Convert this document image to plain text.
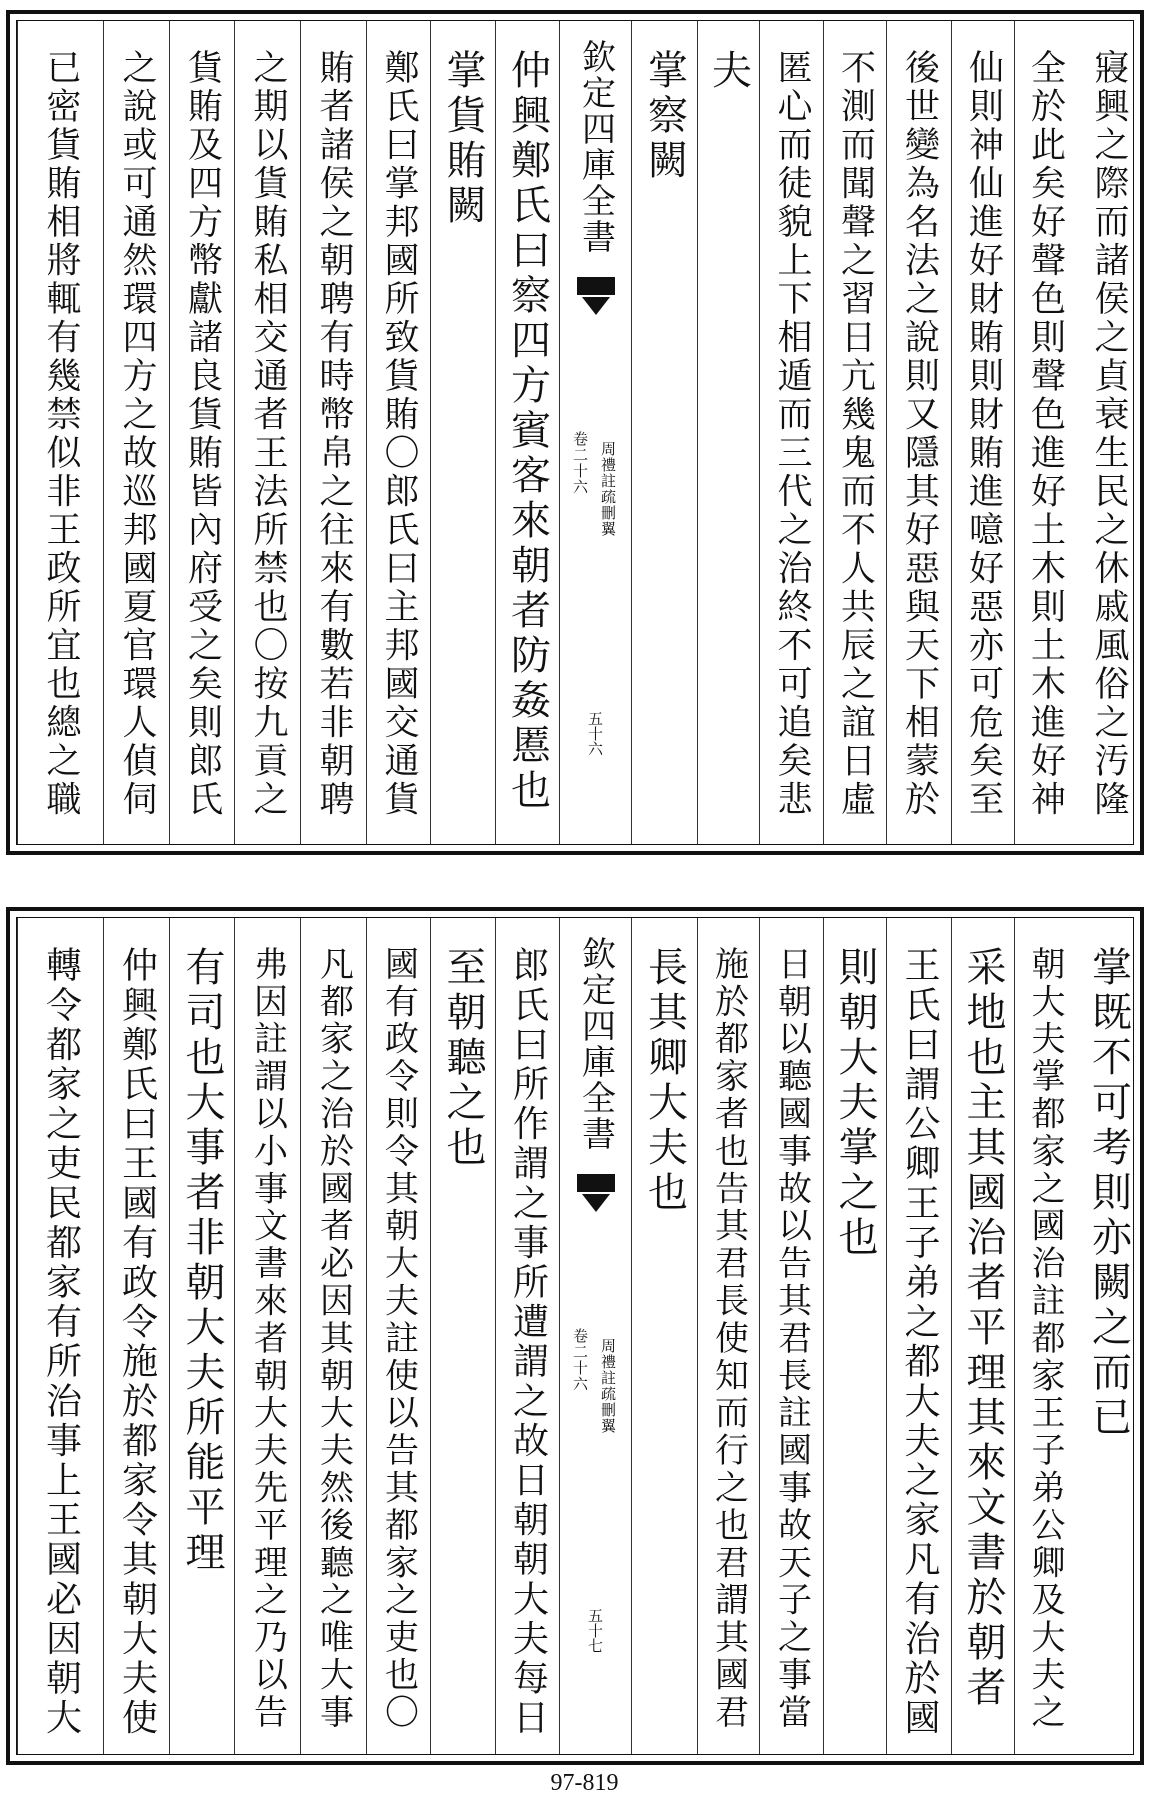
寢興之際而諸侯之貞衰生民之休戚風俗之汚隆
全於此矣好聲色則聲色進好土木則土木進好神
仙則神仙進好財賄則財賄進噫好惡亦可危矣至
後世變為名法之說則又隱其好惡與天下相蒙於
不測而聞聲之習日亢幾鬼而不人共辰之誼日虛
匿心而徒貌上下相遁而三代之治終不可追矣悲
夫
掌察闕
欽定四庫全書
周禮註疏刪翼
卷二十六
五十六
仲興鄭氏曰察四方賓客來朝者防姦慝也
掌貨賄闕
鄭氏曰掌邦國所致貨賄〇郎氏曰主邦國交通貨
賄者諸侯之朝聘有時幣帛之往來有數若非朝聘
之期以貨賄私相交通者王法所禁也〇按九貢之
貨賄及四方幣獻諸良貨賄皆內府受之矣則郎氏
之說或可通然環四方之故巡邦國夏官環人偵伺
已密貨賄相將輒有幾禁似非王政所宜也總之職
掌既不可考則亦闕之而已
朝大夫掌都家之國治註都家王子弟公卿及大夫之
采地也主其國治者平理其來文書於朝者
王氏曰謂公卿王子弟之都大夫之家凡有治於國
則朝大夫掌之也
日朝以聽國事故以告其君長註國事故天子之事當
施於都家者也告其君長使知而行之也君謂其國君
長其卿大夫也
欽定四庫全書
周禮註疏刪翼
卷二十六
五十七
郎氏曰所作謂之事所遭謂之故日朝朝大夫每日
至朝聽之也
國有政令則令其朝大夫註使以告其都家之吏也〇
凡都家之治於國者必因其朝大夫然後聽之唯大事
弗因註謂以小事文書來者朝大夫先平理之乃以告
有司也大事者非朝大夫所能平理
仲興鄭氏曰王國有政令施於都家令其朝大夫使
轉令都家之吏民都家有所治事上王國必因朝大
97-819
